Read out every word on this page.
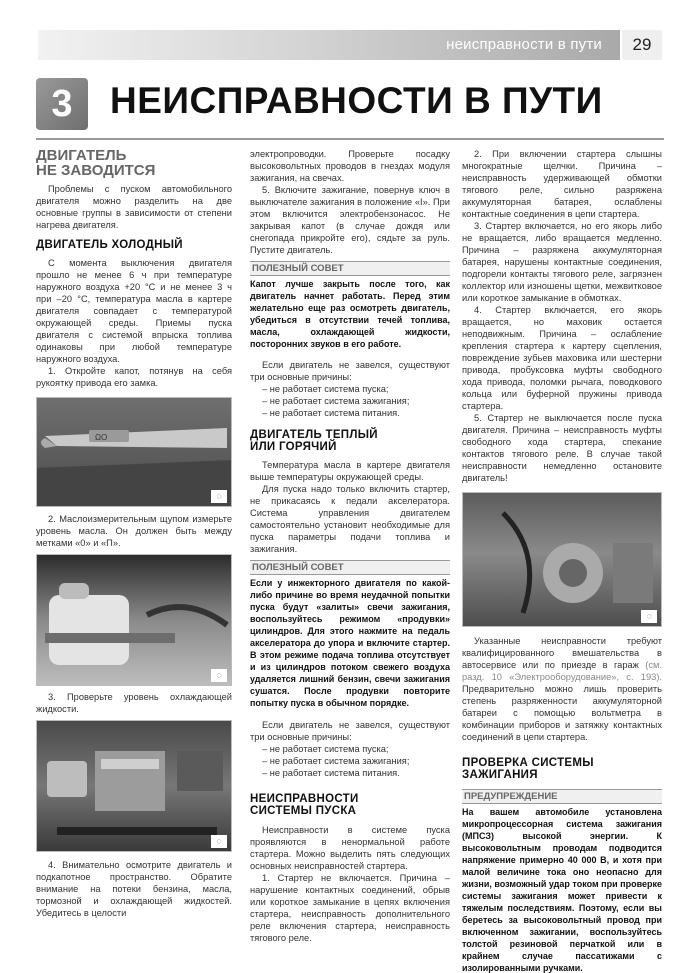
неисправности в пути	29
3	НЕИСПРАВНОСТИ В ПУТИ
ДВИГАТЕЛЬ
НЕ ЗАВОДИТСЯ
Проблемы с пуском автомобильного двигателя можно разделить на две основные группы в зависимости от степени нагрева двигателя.
ДВИГАТЕЛЬ ХОЛОДНЫЙ
С момента выключения двигателя прошло не менее 6 ч при температуре наружного воздуха +20 °С и не менее 3 ч при –20 °С, температура масла в картере двигателя совпадает с температурой окружающей среды. Приемы пуска двигателя с системой впрыска топлива одинаковы при любой температуре наружного воздуха.
1. Откройте капот, потянув на себя рукоятку привода его замка.
ΩO
◌
2. Маслоизмерительным щупом измерьте уровень масла. Он должен быть между метками «0» и «П».
◌
3. Проверьте уровень охлаждающей жидкости.
◌
4. Внимательно осмотрите двигатель и подкапотное пространство. Обратите внимание на потеки бензина, масла, тормозной и охлаждающей жидкостей. Убедитесь в целости
электропроводки. Проверьте посадку высоковольтных проводов в гнездах модуля зажигания, на свечах.
5. Включите зажигание, повернув ключ в выключателе зажигания в положение «I». При этом включится электробензонасос. Не закрывая капот (в случае дождя или снегопада прикройте его), сядьте за руль. Пустите двигатель.
ПОЛЕЗНЫЙ СОВЕТ
Капот лучше закрыть после того, как двигатель начнет работать. Перед этим желательно еще раз осмотреть двигатель, убедиться в отсутствии течей топлива, масла, охлаждающей жидкости, посторонних звуков в его работе.
Если двигатель не завелся, существуют три основные причины:
– не работает система пуска;
– не работает система зажигания;
– не работает система питания.
ДВИГАТЕЛЬ ТЕПЛЫЙ
ИЛИ ГОРЯЧИЙ
Температура масла в картере двигателя выше температуры окружающей среды.
Для пуска надо только включить стартер, не прикасаясь к педали акселератора. Система управления двигателем самостоятельно установит необходимые для пуска параметры подачи топлива и зажигания.
ПОЛЕЗНЫЙ СОВЕТ
Если у инжекторного двигателя по какой-либо причине во время неудачной попытки пуска будут «залиты» свечи зажигания, воспользуйтесь режимом «продувки» цилиндров. Для этого нажмите на педаль акселератора до упора и включите стартер. В этом режиме подача топлива отсутствует и из цилиндров потоком свежего воздуха удаляется лишний бензин, свечи зажигания сушатся. После продувки повторите попытку пуска в обычном порядке.
Если двигатель не завелся, существуют три основные причины:
– не работает система пуска;
– не работает система зажигания;
– не работает система питания.
НЕИСПРАВНОСТИ
СИСТЕМЫ ПУСКА
Неисправности в системе пуска проявляются в ненормальной работе стартера. Можно выделить пять следующих основных неисправностей стартера.
1. Стартер не включается. Причина – нарушение контактных соединений, обрыв или короткое замыкание в цепях включения стартера, неисправность дополнительного реле включения стартера, неисправность тягового реле.
2. При включении стартера слышны многократные щелчки. Причина – неисправность удерживающей обмотки тягового реле, сильно разряжена аккумуляторная батарея, ослаблены контактные соединения в цепи стартера.
3. Стартер включается, но его якорь либо не вращается, либо вращается медленно. Причина – разряжена аккумуляторная батарея, нарушены контактные соединения, подгорели контакты тягового реле, загрязнен коллектор или изношены щетки, межвитковое или короткое замыкание в обмотках.
4. Стартер включается, его якорь вращается, но маховик остается неподвижным. Причина – ослабление крепления стартера к картеру сцепления, повреждение зубьев маховика или шестерни привода, пробуксовка муфты свободного хода привода, поломки рычага, поводкового кольца или буферной пружины привода стартера.
5. Стартер не выключается после пуска двигателя. Причина – неисправность муфты свободного хода стартера, спекание контактов тягового реле. В случае такой неисправности немедленно остановите двигатель!
◌
Указанные неисправности требуют квалифицированного вмешательства в автосервисе или по приезде в гараж (см. разд. 10 «Электрооборудование», с. 193). Предварительно можно лишь проверить степень разряженности аккумуляторной батареи с помощью вольтметра в комбинации приборов и затяжку контактных соединений в цепи стартера.
ПРОВЕРКА СИСТЕМЫ
ЗАЖИГАНИЯ
ПРЕДУПРЕЖДЕНИЕ
На вашем автомобиле установлена микропроцессорная система зажигания (МПСЗ) высокой энергии. К высоковольтным проводам подводится напряжение примерно 40 000 В, и хотя при малой величине тока оно неопасно для жизни, возможный удар током при проверке системы зажигания может привести к тяжелым последствиям. Поэтому, если вы беретесь за высоковольтный провод при включенном зажигании, воспользуйтесь толстой резиновой перчаткой или в крайнем случае пассатижами с изолированными ручками.
